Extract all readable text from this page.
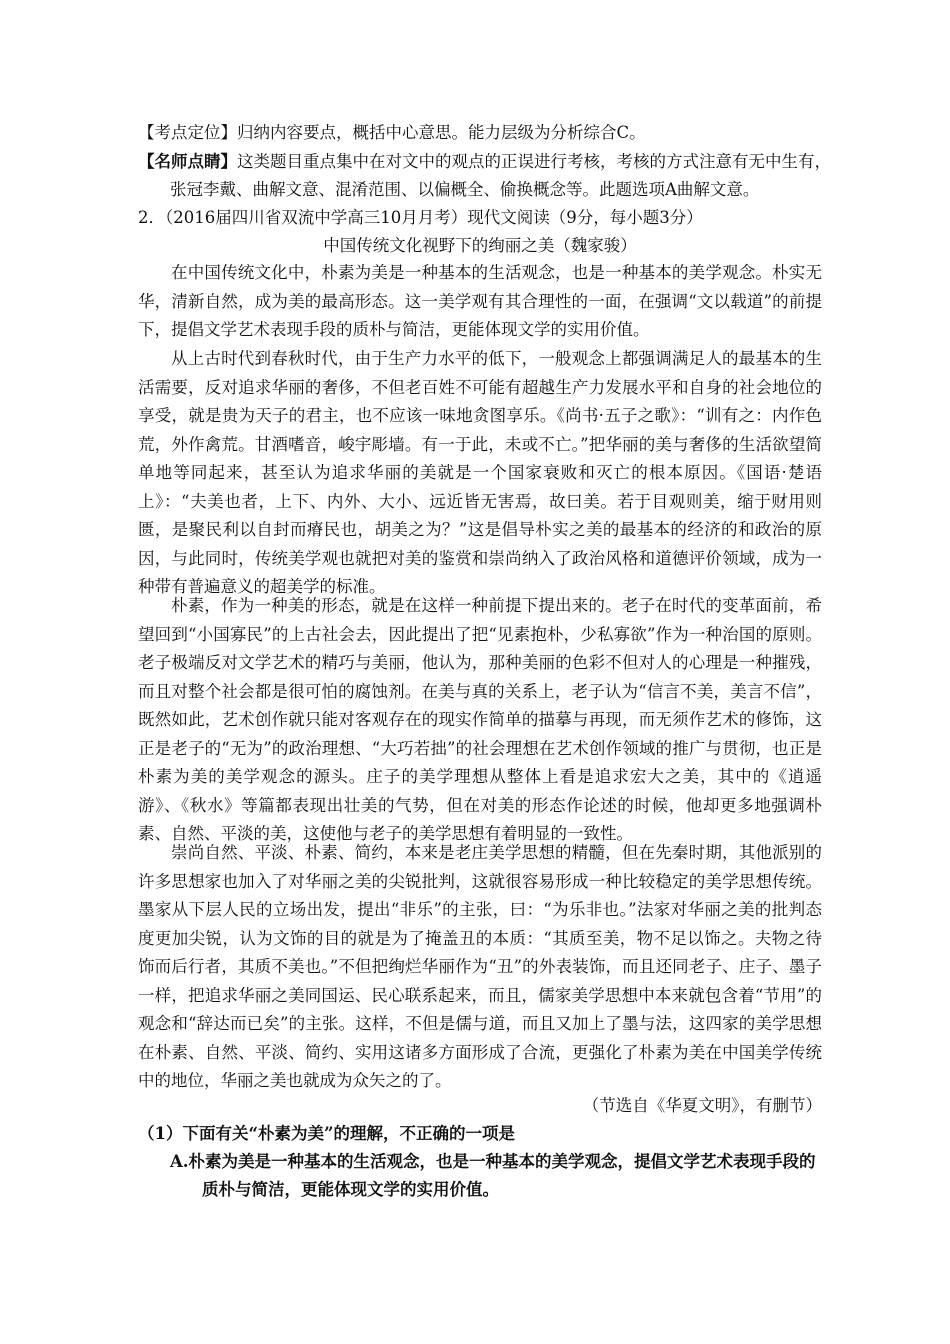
【考点定位】归纳内容要点，概括中心意思。能力层级为分析综合C。
【名师点睛】这类题目重点集中在对文中的观点的正误进行考核，考核的方式注意有无中生有，
张冠李戴、曲解文意、混淆范围、以偏概全、偷换概念等。此题选项A曲解文意。
2．（2016届四川省双流中学高三10月月考）现代文阅读（9分，每小题3分）
中国传统文化视野下的绚丽之美（魏家骏）
在中国传统文化中，朴素为美是一种基本的生活观念，也是一种基本的美学观念。朴实无华，清新自然，成为美的最高形态。这一美学观有其合理性的一面，在强调“文以载道”的前提下，提倡文学艺术表现手段的质朴与简洁，更能体现文学的实用价值。
从上古时代到春秋时代，由于生产力水平的低下，一般观念上都强调满足人的最基本的生活需要，反对追求华丽的奢侈，不但老百姓不可能有超越生产力发展水平和自身的社会地位的享受，就是贵为天子的君主，也不应该一味地贪图享乐。《尚书·五子之歌》：“训有之：内作色荒，外作禽荒。甘酒嗜音，峻宇彫墙。有一于此，未或不亡。”把华丽的美与奢侈的生活欲望简单地等同起来，甚至认为追求华丽的美就是一个国家衰败和灭亡的根本原因。《国语·楚语上》：“夫美也者，上下、内外、大小、远近皆无害焉，故曰美。若于目观则美，缩于财用则匮，是聚民利以自封而瘠民也，胡美之为？”这是倡导朴实之美的最基本的经济的和政治的原因，与此同时，传统美学观也就把对美的鉴赏和崇尚纳入了政治风格和道德评价领域，成为一种带有普遍意义的超美学的标准。
朴素，作为一种美的形态，就是在这样一种前提下提出来的。老子在时代的变革面前，希望回到“小国寡民”的上古社会去，因此提出了把“见素抱朴，少私寡欲”作为一种治国的原则。老子极端反对文学艺术的精巧与美丽，他认为，那种美丽的色彩不但对人的心理是一种摧残，而且对整个社会都是很可怕的腐蚀剂。在美与真的关系上，老子认为“信言不美，美言不信”，既然如此，艺术创作就只能对客观存在的现实作简单的描摹与再现，而无须作艺术的修饰，这正是老子的“无为”的政治理想、“大巧若拙”的社会理想在艺术创作领域的推广与贯彻，也正是朴素为美的美学观念的源头。庄子的美学理想从整体上看是追求宏大之美，其中的《逍遥游》、《秋水》等篇都表现出壮美的气势，但在对美的形态作论述的时候，他却更多地强调朴素、自然、平淡的美，这使他与老子的美学思想有着明显的一致性。
崇尚自然、平淡、朴素、简约，本来是老庄美学思想的精髓，但在先秦时期，其他派别的许多思想家也加入了对华丽之美的尖锐批判，这就很容易形成一种比较稳定的美学思想传统。墨家从下层人民的立场出发，提出“非乐”的主张，曰：“为乐非也。”法家对华丽之美的批判态度更加尖锐，认为文饰的目的就是为了掩盖丑的本质：“其质至美，物不足以饰之。夫物之待饰而后行者，其质不美也。”不但把绚烂华丽作为“丑”的外表装饰，而且还同老子、庄子、墨子一样，把追求华丽之美同国运、民心联系起来，而且，儒家美学思想中本来就包含着“节用”的观念和“辞达而已矣”的主张。这样，不但是儒与道，而且又加上了墨与法，这四家的美学思想在朴素、自然、平淡、简约、实用这诸多方面形成了合流，更强化了朴素为美在中国美学传统中的地位，华丽之美也就成为众矢之的了。
（节选自《华夏文明》，有删节）
（1）下面有关“朴素为美”的理解，不正确的一项是
A.朴素为美是一种基本的生活观念，也是一种基本的美学观念，提倡文学艺术表现手段的
质朴与简洁，更能体现文学的实用价值。
